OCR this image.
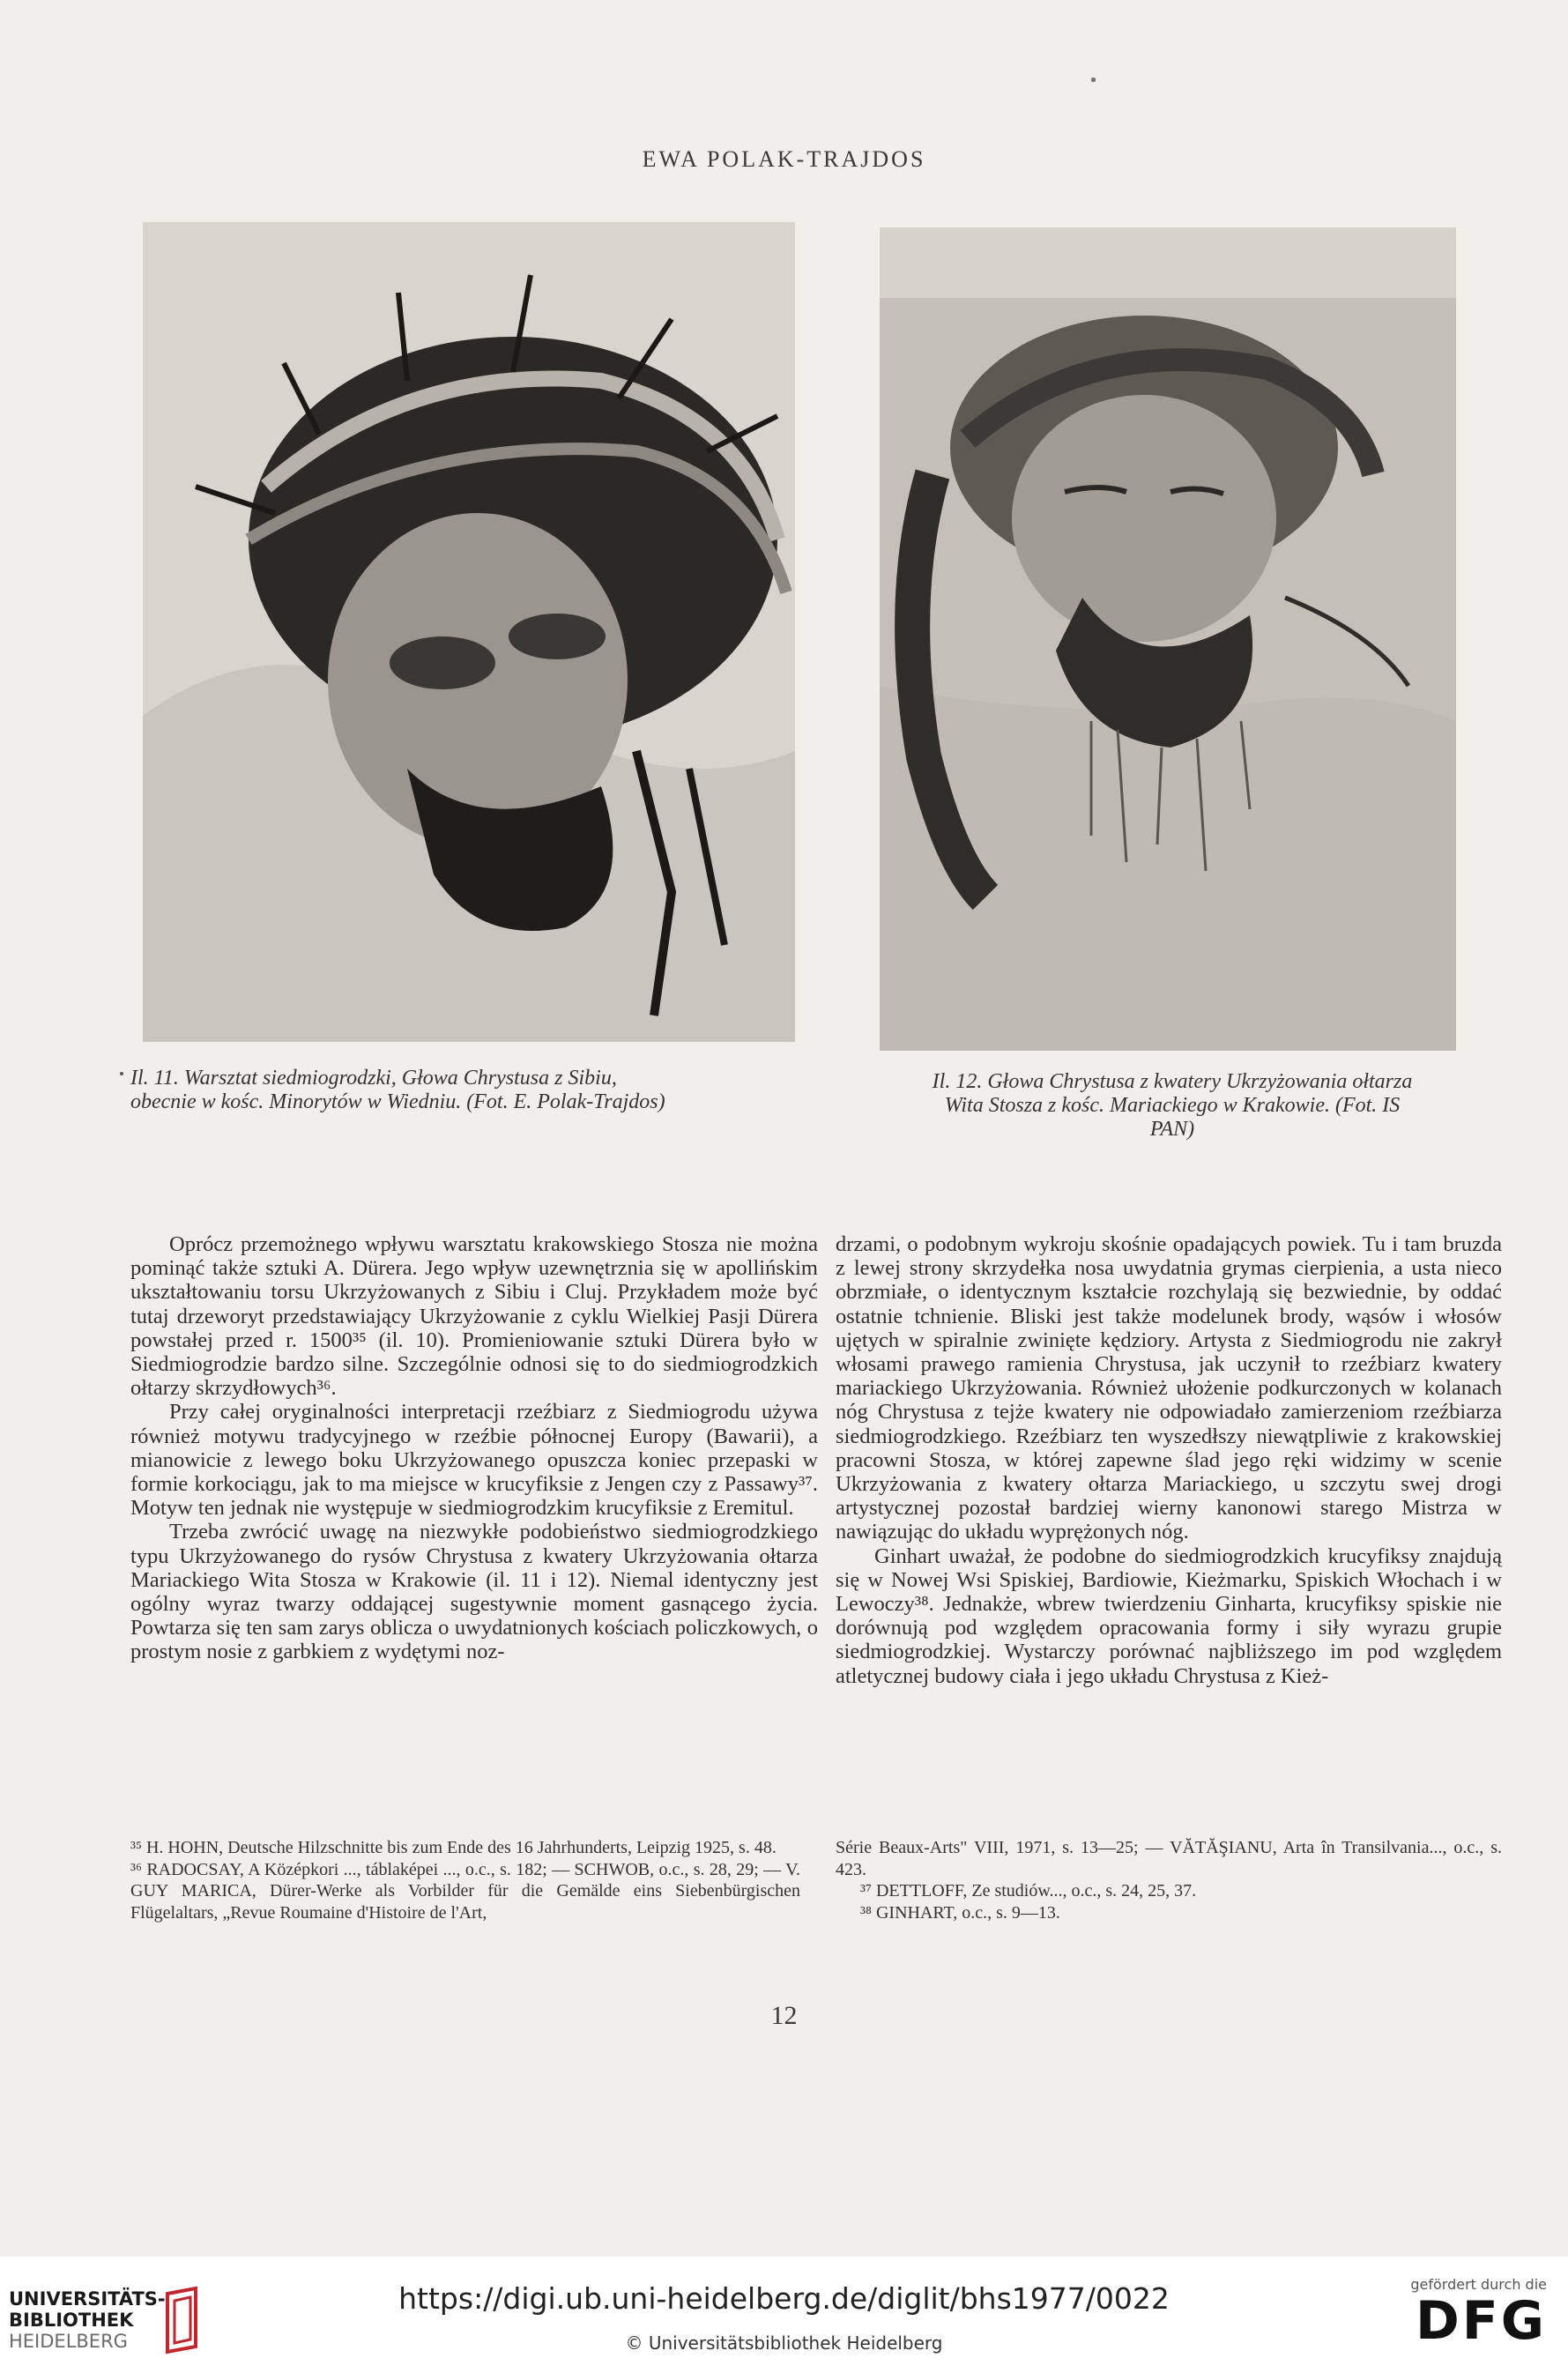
EWA POLAK-TRAJDOS
Il. 11. Warsztat siedmiogrodzki, Głowa Chrystusa z Sibiu,
obecnie w kośc. Minorytów w Wiedniu. (Fot. E. Polak-Trajdos)
Il. 12. Głowa Chrystusa z kwatery Ukrzyżowania ołtarza
Wita Stosza z kośc. Mariackiego w Krakowie. (Fot. IS
PAN)

Oprócz przemożnego wpływu warsztatu krakowskiego Stosza nie można pominąć także sztuki A. Dürera. Jego wpływ uzewnętrznia się w apollińskim ukształtowaniu torsu Ukrzyżowanych z Sibiu i Cluj. Przykładem może być tutaj drzeworyt przedstawiający Ukrzyżowanie z cyklu Wielkiej Pasji Dürera powstałej przed r. 1500³⁵ (il. 10). Promieniowanie sztuki Dürera było w Siedmiogrodzie bardzo silne. Szczególnie odnosi się to do siedmiogrodzkich ołtarzy skrzydłowych³⁶.

Przy całej oryginalności interpretacji rzeźbiarz z Siedmiogrodu używa również motywu tradycyjnego w rzeźbie północnej Europy (Bawarii), a mianowicie z lewego boku Ukrzyżowanego opuszcza koniec przepaski w formie korkociągu, jak to ma miejsce w krucyfiksie z Jengen czy z Passawy³⁷. Motyw ten jednak nie występuje w siedmiogrodzkim krucyfiksie z Eremitul.

Trzeba zwrócić uwagę na niezwykłe podobieństwo siedmiogrodzkiego typu Ukrzyżowanego do rysów Chrystusa z kwatery Ukrzyżowania ołtarza Mariackiego Wita Stosza w Krakowie (il. 11 i 12). Niemal identyczny jest ogólny wyraz twarzy oddającej sugestywnie moment gasnącego życia. Powtarza się ten sam zarys oblicza o uwydatnionych kościach policzkowych, o prostym nosie z garbkiem z wydętymi noz-

drzami, o podobnym wykroju skośnie opadających powiek. Tu i tam bruzda z lewej strony skrzydełka nosa uwydatnia grymas cierpienia, a usta nieco obrzmiałe, o identycznym kształcie rozchylają się bezwiednie, by oddać ostatnie tchnienie. Bliski jest także modelunek brody, wąsów i włosów ujętych w spiralnie zwinięte kędziory. Artysta z Siedmiogrodu nie zakrył włosami prawego ramienia Chrystusa, jak uczynił to rzeźbiarz kwatery mariackiego Ukrzyżowania. Również ułożenie podkurczonych w kolanach nóg Chrystusa z tejże kwatery nie odpowiadało zamierzeniom rzeźbiarza siedmiogrodzkiego. Rzeźbiarz ten wyszedłszy niewątpliwie z krakowskiej pracowni Stosza, w której zapewne ślad jego ręki widzimy w scenie Ukrzyżowania z kwatery ołtarza Mariackiego, u szczytu swej drogi artystycznej pozostał bardziej wierny kanonowi starego Mistrza w nawiązując do układu wyprężonych nóg.

Ginhart uważał, że podobne do siedmiogrodzkich krucyfiksy znajdują się w Nowej Wsi Spiskiej, Bardiowie, Kieżmarku, Spiskich Włochach i w Lewoczy³⁸. Jednakże, wbrew twierdzeniu Ginharta, krucyfiksy spiskie nie dorównują pod względem opracowania formy i siły wyrazu grupie siedmiogrodzkiej. Wystarczy porównać najbliższego im pod względem atletycznej budowy ciała i jego układu Chrystusa z Kież-

³⁵ H. HOHN, Deutsche Hilzschnitte bis zum Ende des 16 Jahrhunderts, Leipzig 1925, s. 48.

³⁶ RADOCSAY, A Középkori ..., táblaképei ..., o.c., s. 182; — SCHWOB, o.c., s. 28, 29; — V. GUY MARICA, Dürer-Werke als Vorbilder für die Gemälde eins Siebenbürgischen Flügelaltars, „Revue Roumaine d'Histoire de l'Art,

Série Beaux-Arts" VIII, 1971, s. 13—25; — VĂTĂŞIANU, Arta în Transilvania..., o.c., s. 423.

³⁷ DETTLOFF, Ze studiów..., o.c., s. 24, 25, 37.

³⁸ GINHART, o.c., s. 9—13.

12
UNIVERSITÄTS-
BIBLIOTHEK
HEIDELBERG
https://digi.ub.uni-heidelberg.de/diglit/bhs1977/0022
© Universitätsbibliothek Heidelberg
gefördert durch die
DFG
